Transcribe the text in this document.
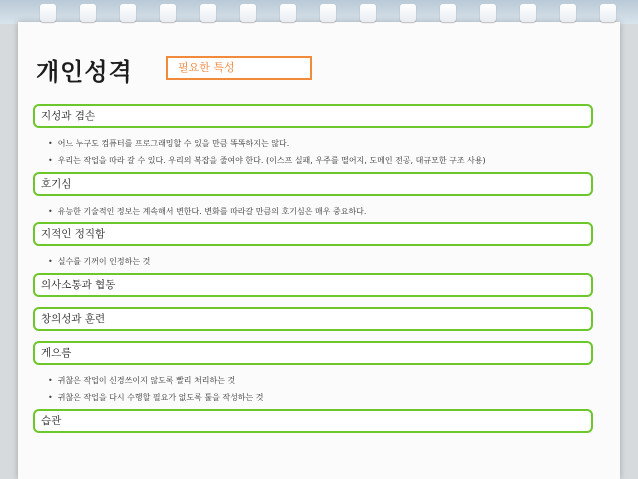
개인성격	필요한 특성
지성과 겸손
• 어느 누구도 컴퓨터를 프로그래밍할 수 있을 만큼 똑똑하지는 않다.
• 우리는 작업을 따라 갈 수 있다. 우리의 복잡을 줄여야 한다. (이스프 실패, 우주를 떨어지, 도메인 전공, 대규모한 구조 사용)
호기심
• 유능한 기술적인 정보는 계속해서 변한다. 변화를 따라갈 만큼의 호기심은 매우 중요하다.
지적인 정직함
• 실수를 기꺼이 인정하는 것
의사소통과 협동
창의성과 훈련
게으름
• 귀찮은 작업이 신경쓰이지 않도록 빨리 처리하는 것
• 귀찮은 작업을 다시 수행할 필요가 없도록 툴을 작성하는 것
습관
